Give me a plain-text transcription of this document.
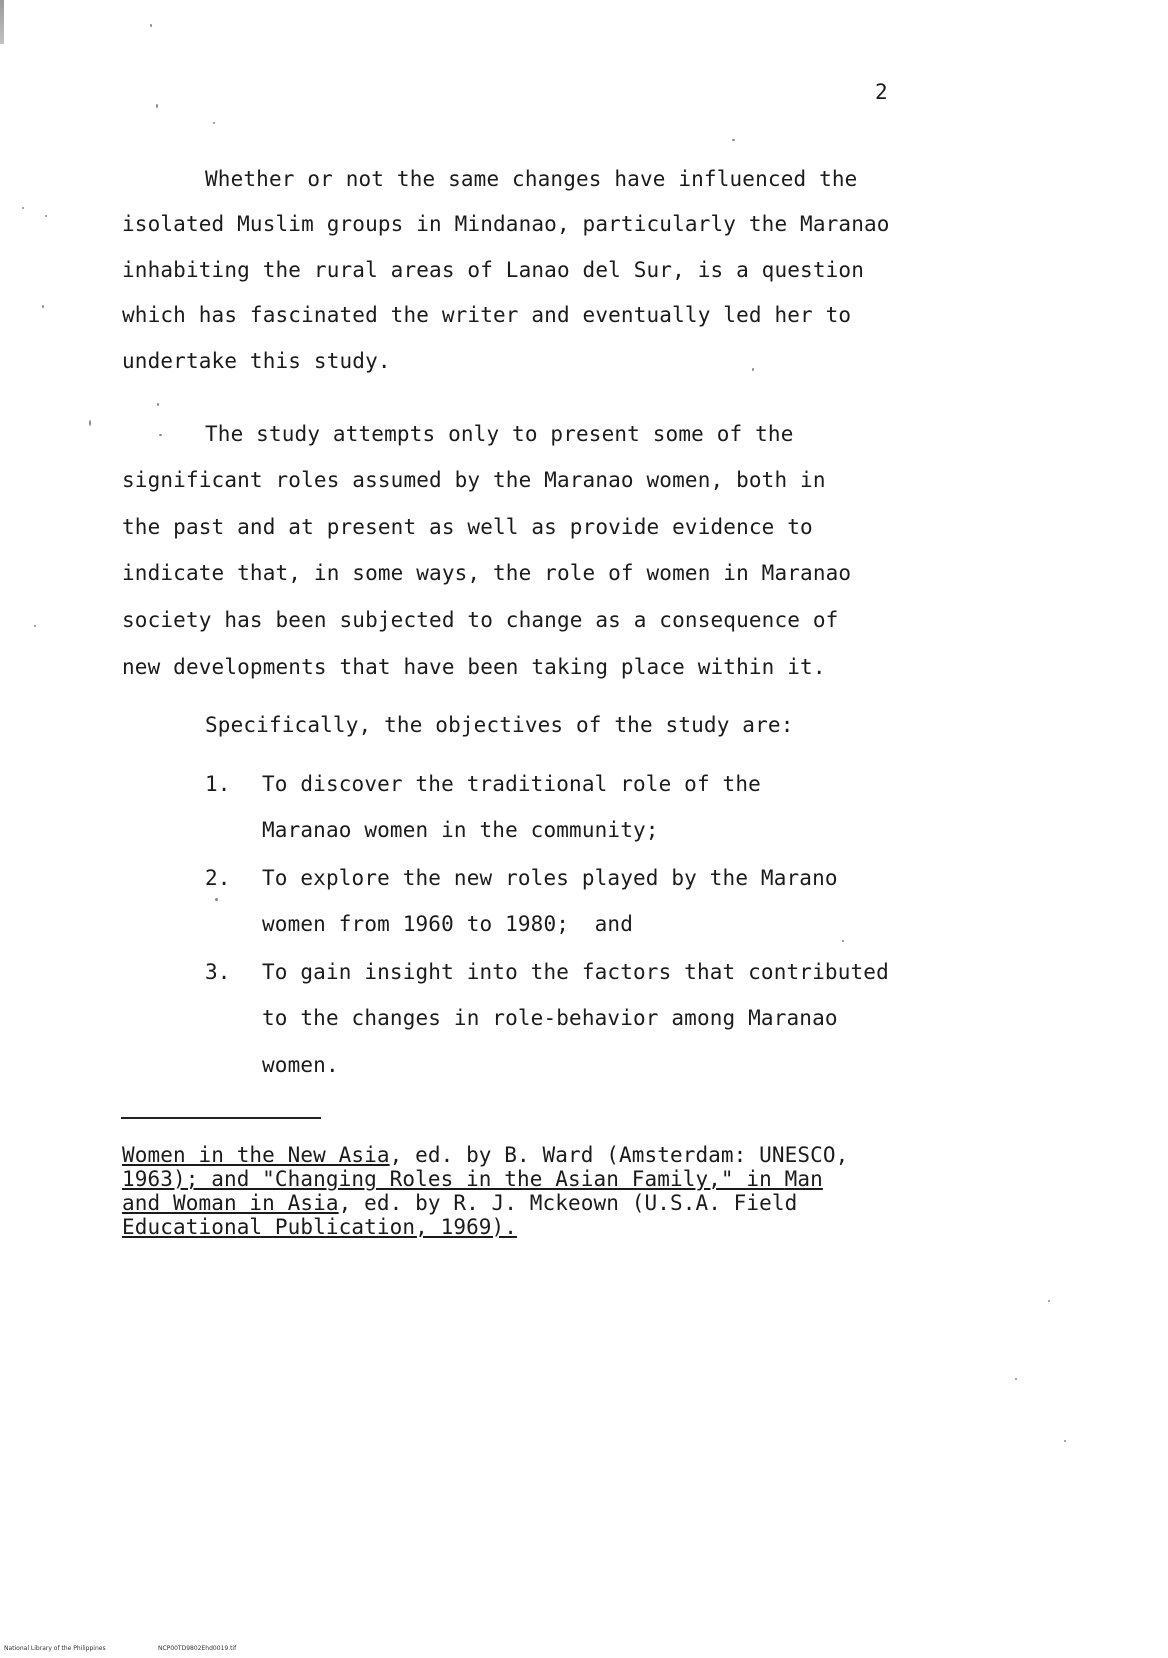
2
Whether or not the same changes have influenced the
isolated Muslim groups in Mindanao, particularly the Maranao
inhabiting the rural areas of Lanao del Sur, is a question
which has fascinated the writer and eventually led her to
undertake this study.
The study attempts only to present some of the
significant roles assumed by the Maranao women, both in
the past and at present as well as provide evidence to
indicate that, in some ways, the role of women in Maranao
society has been subjected to change as a consequence of
new developments that have been taking place within it.
Specifically, the objectives of the study are:
1. To discover the traditional role of the
Maranao women in the community;
2. To explore the new roles played by the Marano
women from 1960 to 1980;  and
3. To gain insight into the factors that contributed
to the changes in role-behavior among Maranao
women.
Women in the New Asia, ed. by B. Ward (Amsterdam: UNESCO,
1963); and "Changing Roles in the Asian Family," in Man
and Woman in Asia, ed. by R. J. Mckeown (U.S.A. Field
Educational Publication, 1969).
National Library of the Philippines	NCP00TD9802Ehd0019.tif
